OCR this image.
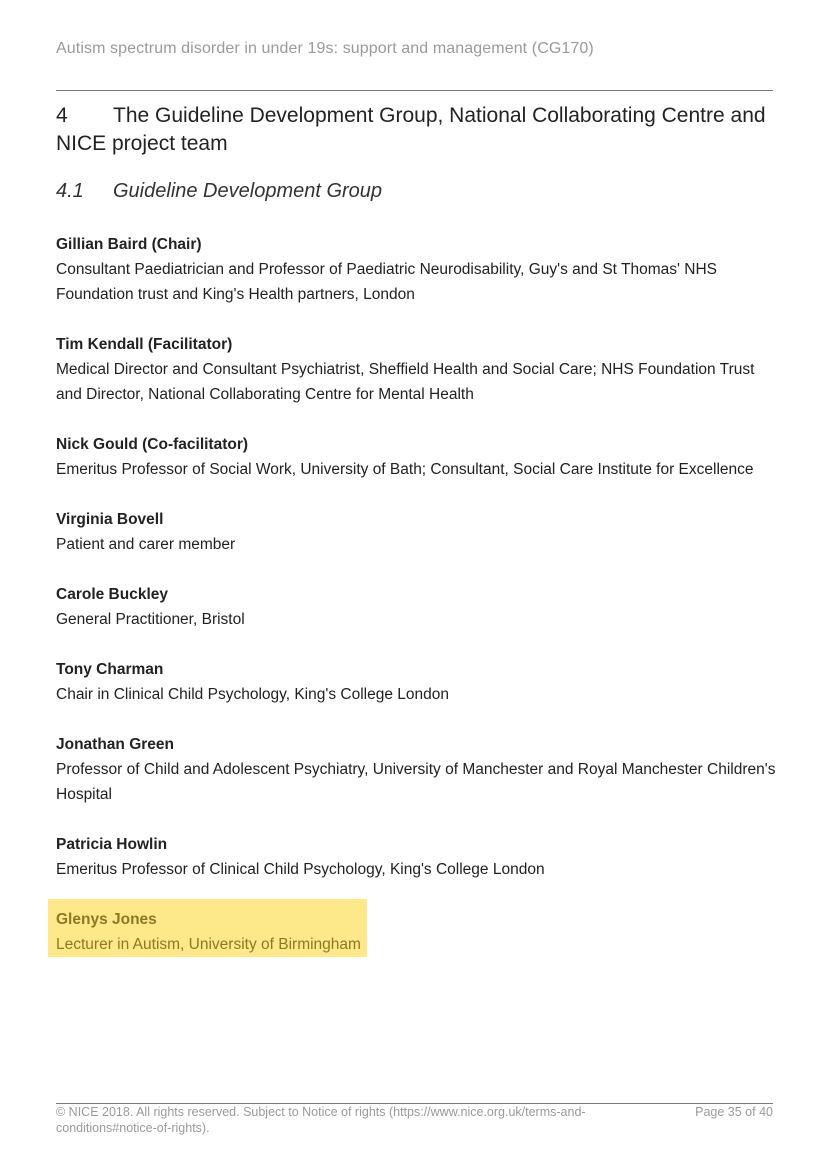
Autism spectrum disorder in under 19s: support and management (CG170)
4 The Guideline Development Group, National Collaborating Centre and NICE project team
4.1 Guideline Development Group
Gillian Baird (Chair)
Consultant Paediatrician and Professor of Paediatric Neurodisability, Guy's and St Thomas' NHS Foundation trust and King's Health partners, London
Tim Kendall (Facilitator)
Medical Director and Consultant Psychiatrist, Sheffield Health and Social Care; NHS Foundation Trust and Director, National Collaborating Centre for Mental Health
Nick Gould (Co-facilitator)
Emeritus Professor of Social Work, University of Bath; Consultant, Social Care Institute for Excellence
Virginia Bovell
Patient and carer member
Carole Buckley
General Practitioner, Bristol
Tony Charman
Chair in Clinical Child Psychology, King's College London
Jonathan Green
Professor of Child and Adolescent Psychiatry, University of Manchester and Royal Manchester Children's Hospital
Patricia Howlin
Emeritus Professor of Clinical Child Psychology, King's College London
Glenys Jones
Lecturer in Autism, University of Birmingham
© NICE 2018. All rights reserved. Subject to Notice of rights (https://www.nice.org.uk/terms-and-conditions#notice-of-rights).
Page 35 of 40
